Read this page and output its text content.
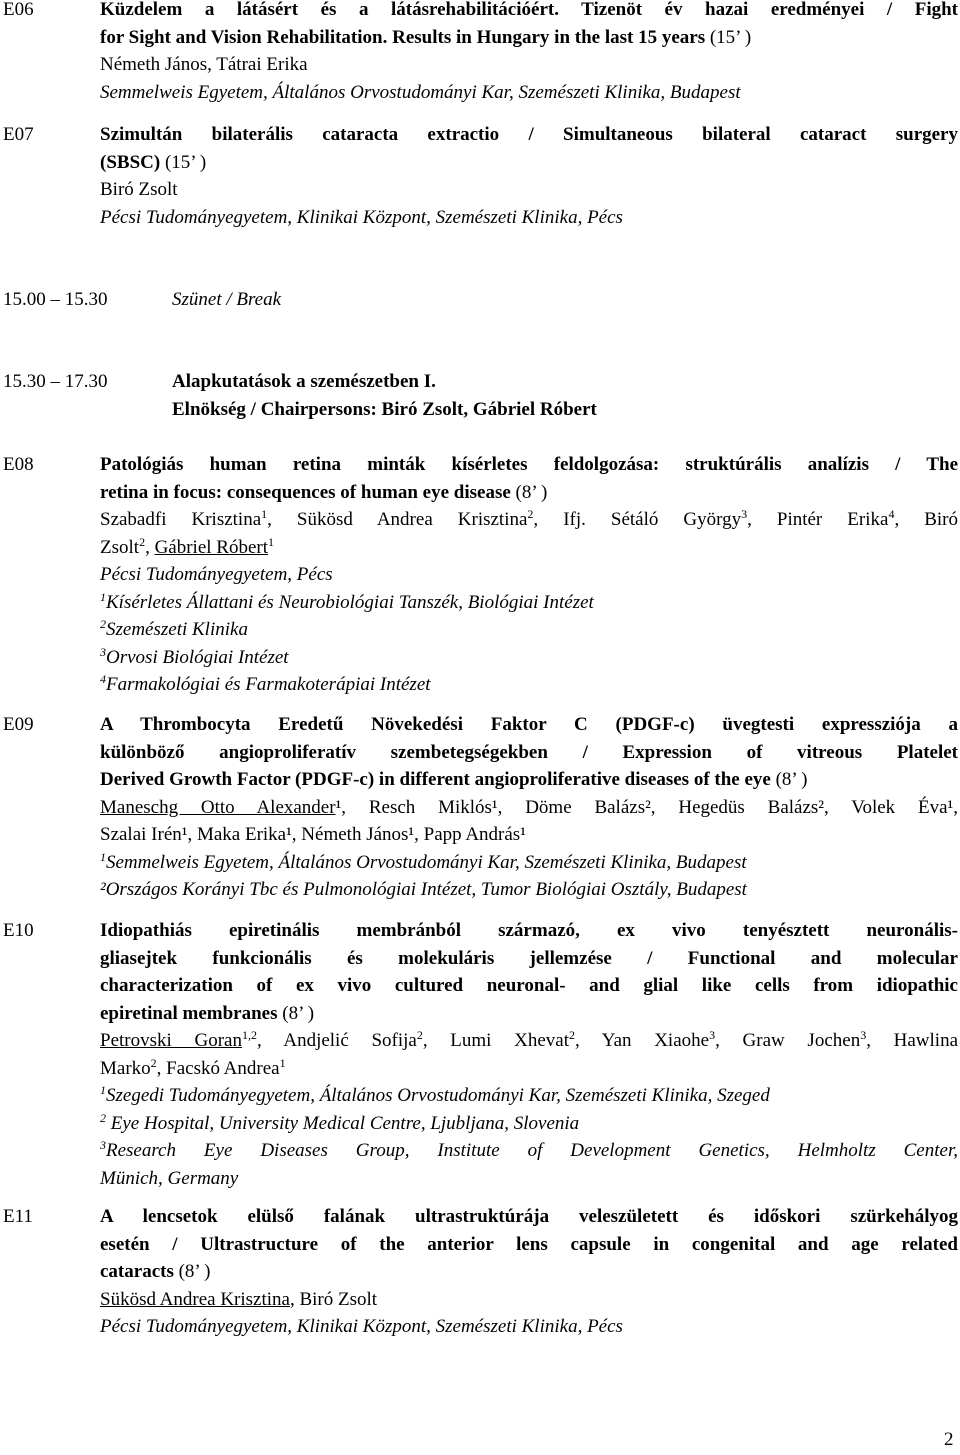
E06	Küzdelem a látásért és a látásrehabilitációért. Tizenöt év hazai eredményei / Fight
for Sight and Vision Rehabilitation. Results in Hungary in the last 15 years (15’ )
Németh János, Tátrai Erika
Semmelweis Egyetem, Általános Orvostudományi Kar, Szemészeti Klinika, Budapest
E07	Szimultán bilaterális cataracta extractio / Simultaneous bilateral cataract surgery
(SBSC) (15’ )
Biró Zsolt
Pécsi Tudományegyetem, Klinikai Központ, Szemészeti Klinika, Pécs
15.00 – 15.30	Szünet / Break
15.30 – 17.30	Alapkutatások a szemészetben I.
Elnökség / Chairpersons: Biró Zsolt, Gábriel Róbert
E08	Patológiás human retina minták kísérletes feldolgozása: struktúrális analízis / The
retina in focus: consequences of human eye disease (8’ )
Szabadfi Krisztina$^1$, Sükösd Andrea Krisztina$^2$, Ifj. Sétáló György$^3$, Pintér Erika$^4$, Biró
Zsolt$^2$, Gábriel Róbert$^1$
Pécsi Tudományegyetem, Pécs
$^1$Kísérletes Állattani és Neurobiológiai Tanszék, Biológiai Intézet
$^2$Szemészeti Klinika
$^3$Orvosi Biológiai Intézet
$^4$Farmakológiai és Farmakoterápiai Intézet
E09	A Thrombocyta Eredetű Növekedési Faktor C (PDGF-c) üvegtesti expressziója a
különböző angioproliferatív szembetegségekben / Expression of vitreous Platelet
Derived Growth Factor (PDGF-c) in different angioproliferative diseases of the eye (8’ )
Maneschg Otto Alexander¹, Resch Miklós¹, Döme Balázs², Hegedüs Balázs², Volek Éva¹,
Szalai Irén¹, Maka Erika¹, Németh János¹, Papp András¹
$^1$Semmelweis Egyetem, Általános Orvostudományi Kar, Szemészeti Klinika, Budapest
²Országos Korányi Tbc és Pulmonológiai Intézet, Tumor Biológiai Osztály, Budapest
E10	Idiopathiás epiretinális membránból származó, ex vivo tenyésztett neuronális-
gliasejtek funkcionális és molekuláris jellemzése / Functional and molecular
characterization of ex vivo cultured neuronal- and glial like cells from idiopathic
epiretinal membranes (8’ )
Petrovski Goran$^{1,2}$, Andjelić Sofija$^2$, Lumi Xhevat$^2$, Yan Xiaohe$^3$, Graw Jochen$^3$, Hawlina
Marko$^2$, Facskó Andrea$^1$
$^1$Szegedi Tudományegyetem, Általános Orvostudományi Kar, Szemészeti Klinika, Szeged
$^2$ Eye Hospital, University Medical Centre, Ljubljana, Slovenia
$^3$Research Eye Diseases Group, Institute of Development Genetics, Helmholtz Center,
Münich, Germany
E11	A lencsetok elülső falának ultrastruktúrája veleszületett és időskori szürkehályog
esetén / Ultrastructure of the anterior lens capsule in congenital and age related
cataracts (8’ )
Sükösd Andrea Krisztina, Biró Zsolt
Pécsi Tudományegyetem, Klinikai Központ, Szemészeti Klinika, Pécs
2
